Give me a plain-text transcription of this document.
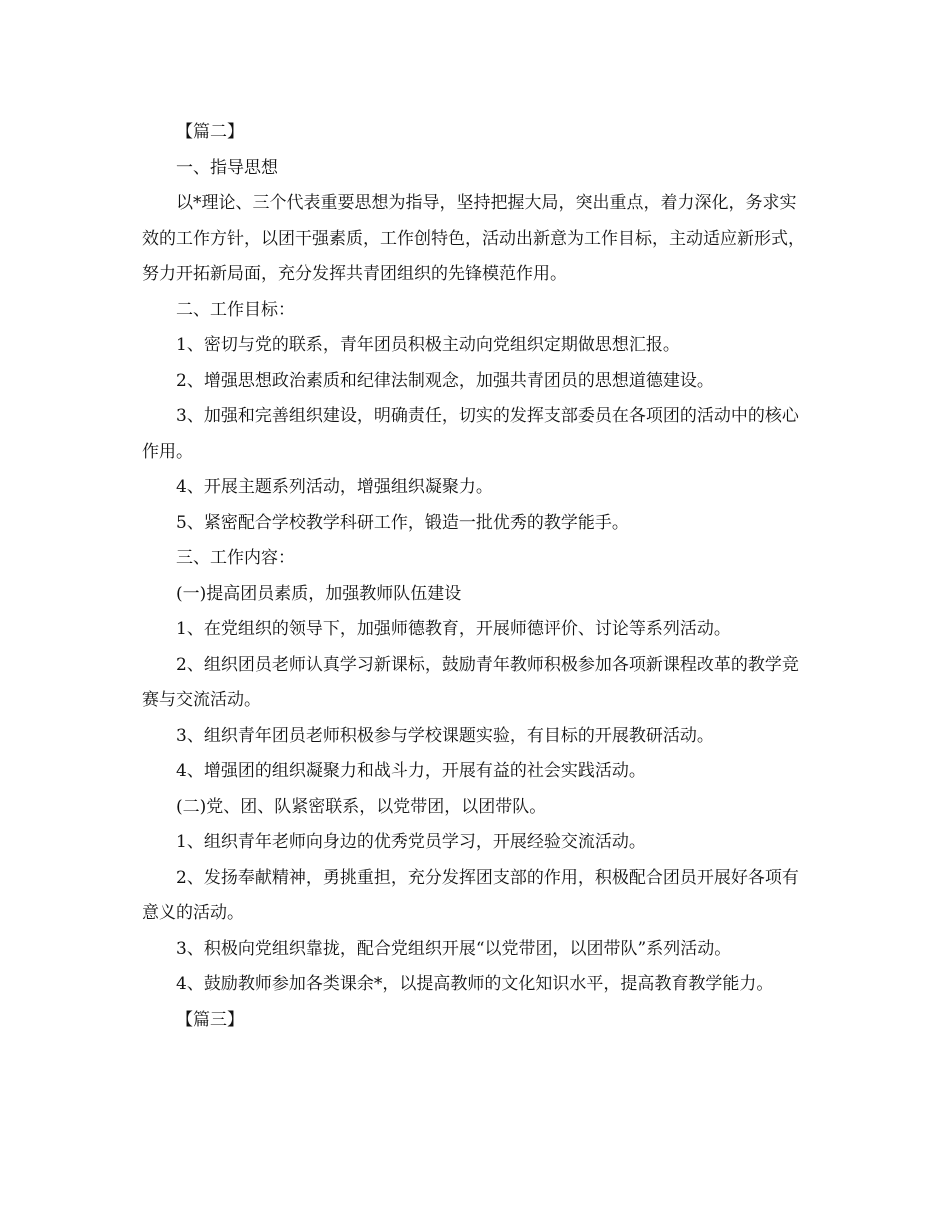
【篇二】

一、指导思想

以*理论、三个代表重要思想为指导，坚持把握大局，突出重点，着力深化，务求实效的工作方针，以团干强素质，工作创特色，活动出新意为工作目标，主动适应新形式，努力开拓新局面，充分发挥共青团组织的先锋模范作用。

二、工作目标：

1、密切与党的联系，青年团员积极主动向党组织定期做思想汇报。

2、增强思想政治素质和纪律法制观念，加强共青团员的思想道德建设。

3、加强和完善组织建设，明确责任，切实的发挥支部委员在各项团的活动中的核心作用。

4、开展主题系列活动，增强组织凝聚力。

5、紧密配合学校教学科研工作，锻造一批优秀的教学能手。

三、工作内容：

(一)提高团员素质，加强教师队伍建设

1、在党组织的领导下，加强师德教育，开展师德评价、讨论等系列活动。

2、组织团员老师认真学习新课标，鼓励青年教师积极参加各项新课程改革的教学竞赛与交流活动。

3、组织青年团员老师积极参与学校课题实验，有目标的开展教研活动。

4、增强团的组织凝聚力和战斗力，开展有益的社会实践活动。

(二)党、团、队紧密联系，以党带团，以团带队。

1、组织青年老师向身边的优秀党员学习，开展经验交流活动。

2、发扬奉献精神，勇挑重担，充分发挥团支部的作用，积极配合团员开展好各项有意义的活动。

3、积极向党组织靠拢，配合党组织开展“以党带团，以团带队”系列活动。

4、鼓励教师参加各类课余*，以提高教师的文化知识水平，提高教育教学能力。

【篇三】
